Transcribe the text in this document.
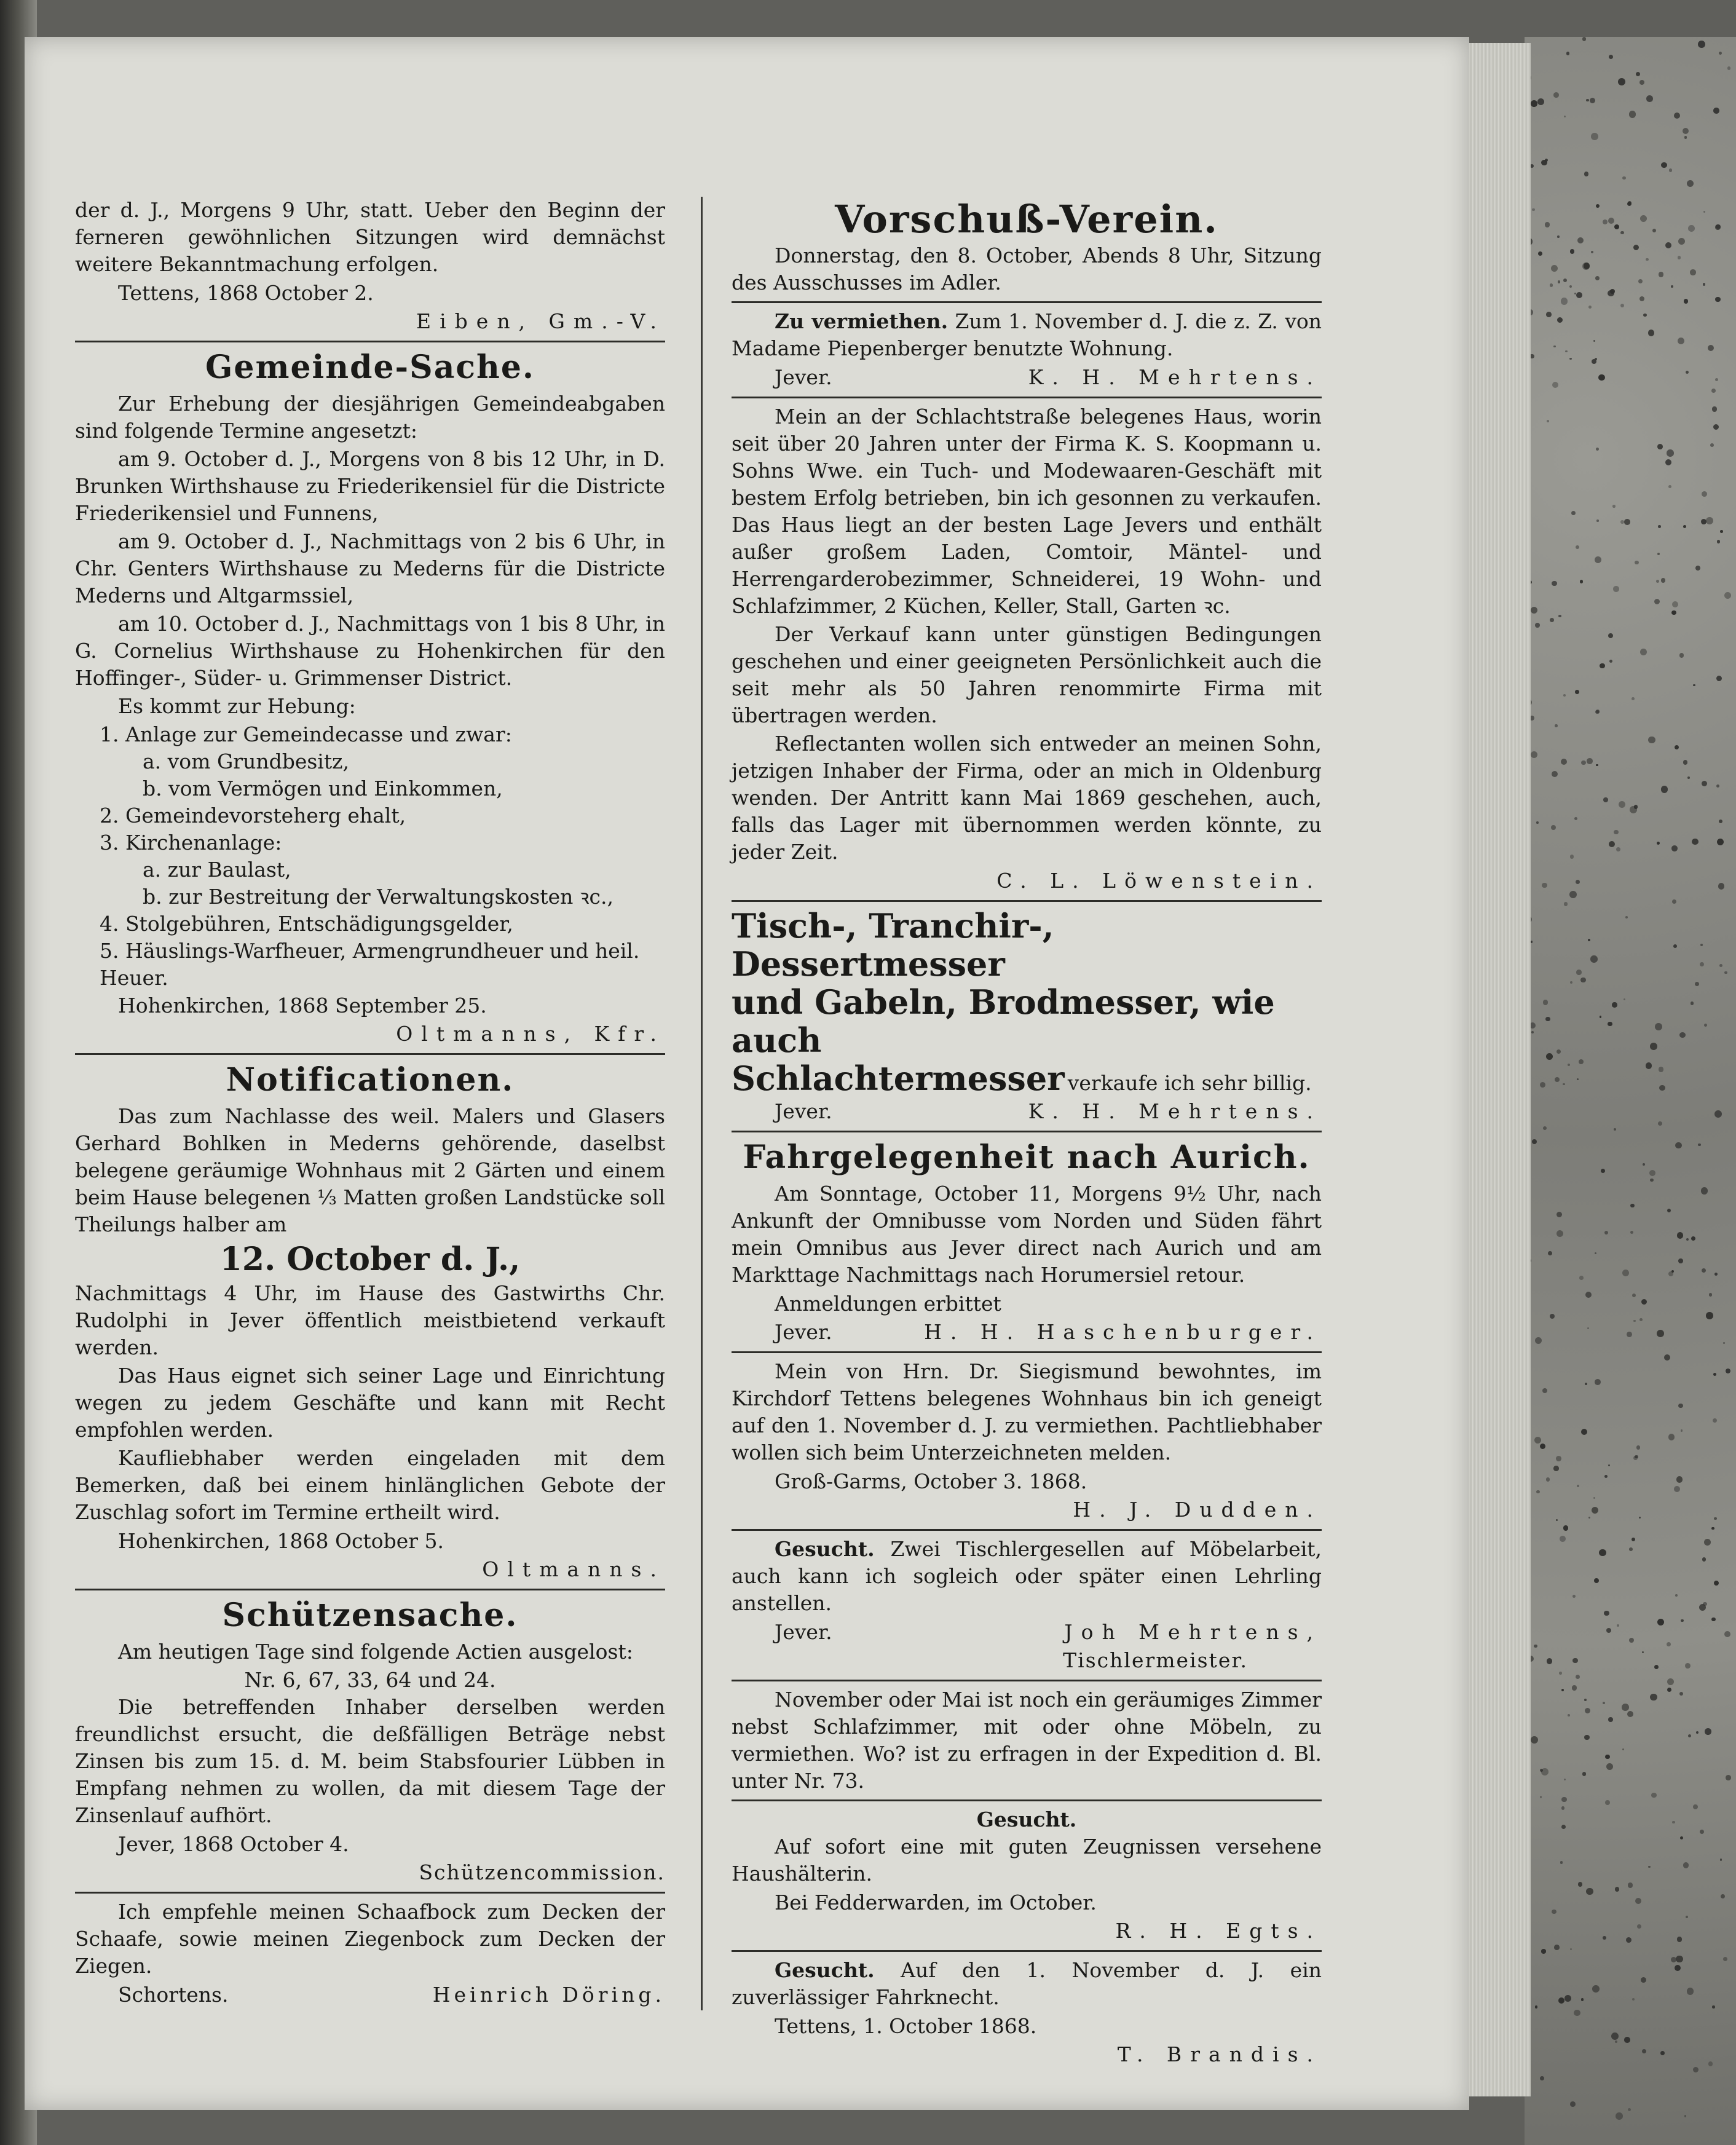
der d. J., Morgens 9 Uhr, statt. Ueber den Beginn der ferneren gewöhnlichen Sitzungen wird demnächst weitere Bekanntmachung erfolgen.

Tettens, 1868 October 2.
Eiben, Gm.-V.
Gemeinde-Sache.

Zur Erhebung der diesjährigen Gemeindeabgaben sind folgende Termine angesetzt:

am 9. October d. J., Morgens von 8 bis 12 Uhr, in D. Brunken Wirthshause zu Friederikensiel für die Districte Friederikensiel und Funnens,

am 9. October d. J., Nachmittags von 2 bis 6 Uhr, in Chr. Genters Wirthshause zu Mederns für die Districte Mederns und Altgarmssiel,

am 10. October d. J., Nachmittags von 1 bis 8 Uhr, in G. Cornelius Wirthshause zu Hohenkirchen für den Hoffinger-, Süder- u. Grimmenser District.

Es kommt zur Hebung:

1. Anlage zur Gemeindecasse und zwar:
a. vom Grundbesitz,
b. vom Vermögen und Einkommen,
2. Gemeindevorsteherg ehalt,
3. Kirchenanlage:
a. zur Baulast,
b. zur Bestreitung der Verwaltungskosten ꝛc.,
4. Stolgebühren, Entschädigungsgelder,
5. Häuslings-Warfheuer, Armengrundheuer und heil. Heuer.
Hohenkirchen, 1868 September 25.
Oltmanns, Kfr.
Notificationen.

Das zum Nachlasse des weil. Malers und Glasers Gerhard Bohlken in Mederns gehörende, daselbst belegene geräumige Wohnhaus mit 2 Gärten und einem beim Hause belegenen ⅓ Matten großen Landstücke soll Theilungs halber am

12. October d. J.,

Nachmittags 4 Uhr, im Hause des Gastwirths Chr. Rudolphi in Jever öffentlich meistbietend verkauft werden.

Das Haus eignet sich seiner Lage und Einrichtung wegen zu jedem Geschäfte und kann mit Recht empfohlen werden.

Kaufliebhaber werden eingeladen mit dem Bemerken, daß bei einem hinlänglichen Gebote der Zuschlag sofort im Termine ertheilt wird.

Hohenkirchen, 1868 October 5.
Oltmanns.
Schützensache.

Am heutigen Tage sind folgende Actien ausgelost:

Nr. 6, 67, 33, 64 und 24.

Die betreffenden Inhaber derselben werden freundlichst ersucht, die deßfälligen Beträge nebst Zinsen bis zum 15. d. M. beim Stabsfourier Lübben in Empfang nehmen zu wollen, da mit diesem Tage der Zinsenlauf aufhört.

Jever, 1868 October 4.
Schützencommission.

Ich empfehle meinen Schaafbock zum Decken der Schaafe, sowie meinen Ziegenbock zum Decken der Ziegen.

Schortens.	Heinrich Döring.
Vorschuß-Verein.

Donnerstag, den 8. October, Abends 8 Uhr, Sitzung des Ausschusses im Adler.

Zu vermiethen. Zum 1. November d. J. die z. Z. von Madame Piepenberger benutzte Wohnung.

Jever.	K. H. Mehrtens.

Mein an der Schlachtstraße belegenes Haus, worin seit über 20 Jahren unter der Firma K. S. Koopmann u. Sohns Wwe. ein Tuch- und Modewaaren-Geschäft mit bestem Erfolg betrieben, bin ich gesonnen zu verkaufen. Das Haus liegt an der besten Lage Jevers und enthält außer großem Laden, Comtoir, Mäntel- und Herrengarderobezimmer, Schneiderei, 19 Wohn- und Schlafzimmer, 2 Küchen, Keller, Stall, Garten ꝛc.

Der Verkauf kann unter günstigen Bedingungen geschehen und einer geeigneten Persönlichkeit auch die seit mehr als 50 Jahren renommirte Firma mit übertragen werden.

Reflectanten wollen sich entweder an meinen Sohn, jetzigen Inhaber der Firma, oder an mich in Oldenburg wenden. Der Antritt kann Mai 1869 geschehen, auch, falls das Lager mit übernommen werden könnte, zu jeder Zeit.

C. L. Löwenstein.
Tisch-, Tranchir-, Dessertmesser
und Gabeln, Brodmesser, wie auch
Schlachtermesser verkaufe ich sehr billig.
Jever.	K. H. Mehrtens.
Fahrgelegenheit nach Aurich.

Am Sonntage, October 11, Morgens 9½ Uhr, nach Ankunft der Omnibusse vom Norden und Süden fährt mein Omnibus aus Jever direct nach Aurich und am Markttage Nachmittags nach Horumersiel retour.

Anmeldungen erbittet
Jever.	H. H. Haschenburger.

Mein von Hrn. Dr. Siegismund bewohntes, im Kirchdorf Tettens belegenes Wohnhaus bin ich geneigt auf den 1. November d. J. zu vermiethen. Pachtliebhaber wollen sich beim Unterzeichneten melden.

Groß-Garms, October 3. 1868.
H. J. Dudden.

Gesucht. Zwei Tischlergesellen auf Möbelarbeit, auch kann ich sogleich oder später einen Lehrling anstellen.

Jever.	Joh Mehrtens,
Tischlermeister.

November oder Mai ist noch ein geräumiges Zimmer nebst Schlafzimmer, mit oder ohne Möbeln, zu vermiethen. Wo? ist zu erfragen in der Expedition d. Bl. unter Nr. 73.

Gesucht.

Auf sofort eine mit guten Zeugnissen versehene Haushälterin.

Bei Fedderwarden, im October.
R. H. Egts.

Gesucht. Auf den 1. November d. J. ein zuverlässiger Fahrknecht.

Tettens, 1. October 1868.
T. Brandis.
